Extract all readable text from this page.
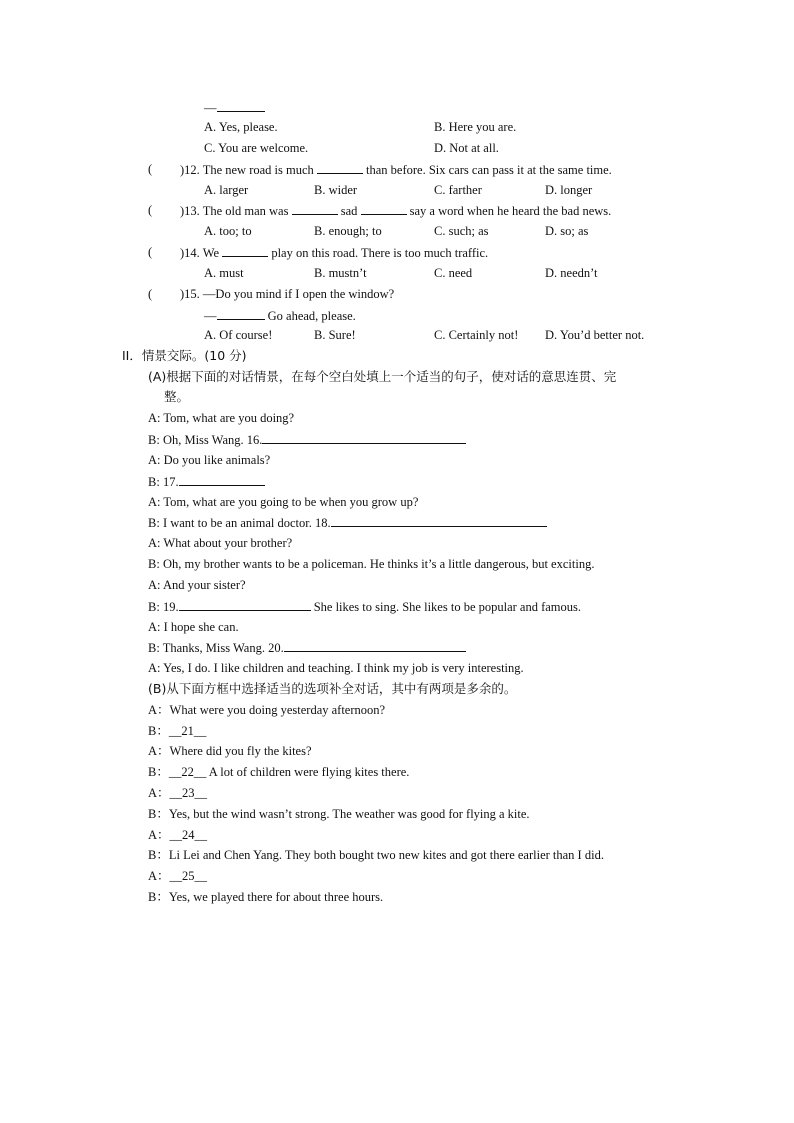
—
A. Yes, please.	B. Here you are.
C. You are welcome.	D. Not at all.
( )12. The new road is much	than before. Six cars can pass it at the same time.
A. larger	B. wider	C. farther	D. longer
( )13. The old man was	sad	say a word when he heard the bad news.
A. too; to	B. enough; to	C. such; as	D. so; as
( )14. We	play on this road. There is too much traffic.
A. must	B. mustn’t	C. need	D. needn’t
( )15. —Do you mind if I open the window?
—	Go ahead, please.
A. Of course!	B. Sure!	C. Certainly not! D. You’d better not.
II．情景交际。(10 分)
(A)根据下面的对话情景，在每个空白处填上一个适当的句子，使对话的意思连贯、完
整。
A: Tom, what are you doing?
B: Oh, Miss Wang. 16.
A: Do you like animals?
B: 17.
A: Tom, what are you going to be when you grow up?
B: I want to be an animal doctor. 18.
A: What about your brother?
B: Oh, my brother wants to be a policeman. He thinks it’s a little dangerous, but exciting.
A: And your sister?
B: 19.	She likes to sing. She likes to be popular and famous.
A: I hope she can.
B: Thanks, Miss Wang. 20.
A: Yes, I do. I like children and teaching. I think my job is very interesting.
(B)从下面方框中选择适当的选项补全对话，其中有两项是多余的。
A：What were you doing yesterday afternoon?
B：__21__
A：Where did you fly the kites?
B：__22__ A lot of children were flying kites there.
A：__23__
B：Yes, but the wind wasn’t strong. The weather was good for flying a kite.
A：__24__
B：Li Lei and Chen Yang. They both bought two new kites and got there earlier than I did.
A：__25__
B：Yes, we played there for about three hours.
